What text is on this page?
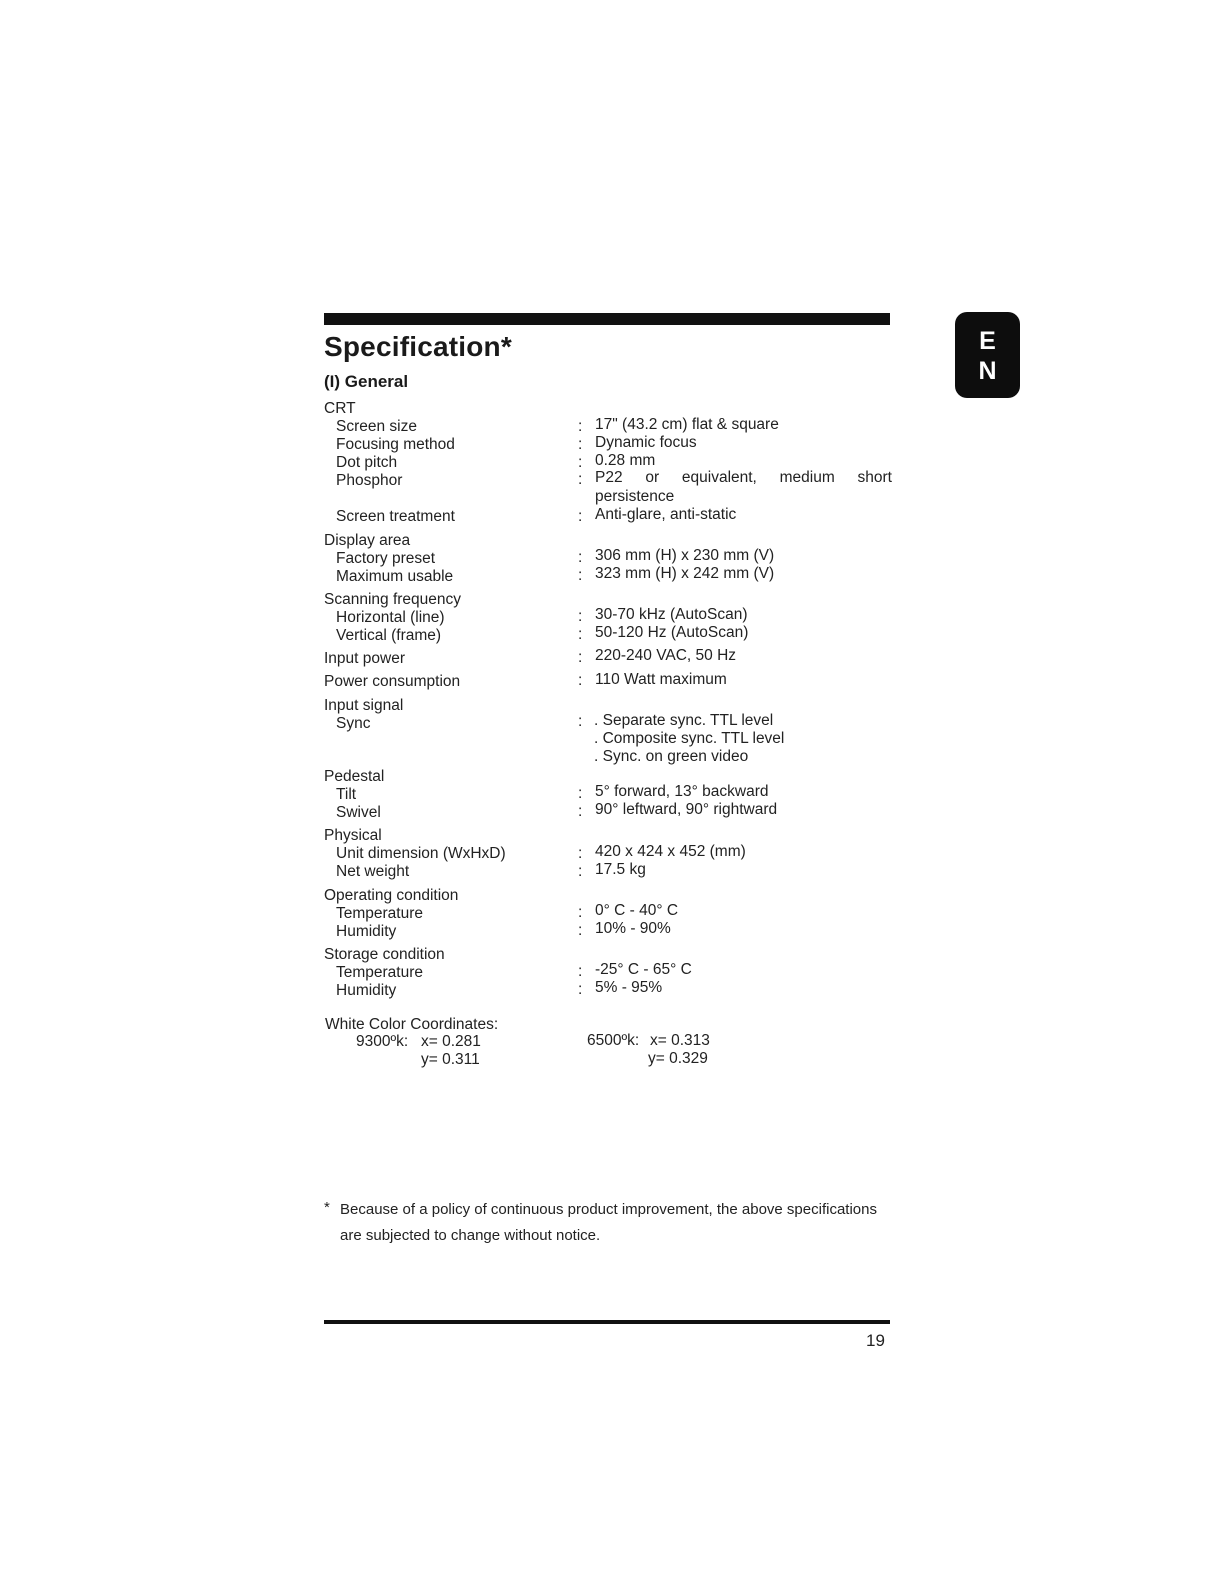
E
N
Specification*
(I) General
CRT
Screen size
Focusing method
Dot pitch
Phosphor
Screen treatment
Display area
Factory preset
Maximum usable
Scanning frequency
Horizontal (line)
Vertical (frame)
Input power
Power consumption
Input signal
Sync
Pedestal
Tilt
Swivel
Physical
Unit dimension (WxHxD)
Net weight
Operating condition
Temperature
Humidity
Storage condition
Temperature
Humidity
:
:
:
:
:
:
:
:
:
:
:
:
:
:
:
:
:
:
:
:
17" (43.2 cm) flat & square
Dynamic focus
0.28 mm
P22 or equivalent, medium short
persistence
Anti-glare, anti-static
306 mm (H) x 230 mm (V)
323 mm (H) x 242 mm (V)
30-70 kHz (AutoScan)
50-120 Hz (AutoScan)
220-240 VAC, 50 Hz
110 Watt maximum
. Separate sync. TTL level
. Composite sync. TTL level
. Sync. on green video
5° forward, 13° backward
90° leftward, 90° rightward
420 x 424 x 452 (mm)
17.5 kg
0° C - 40° C
10% - 90%
-25° C - 65° C
5% - 95%
White Color Coordinates:
9300ºk: x= 0.281
y= 0.311
6500ºk: x= 0.313
y= 0.329
* Because of a policy of continuous product improvement, the above specifications are subjected to change without notice.
19
